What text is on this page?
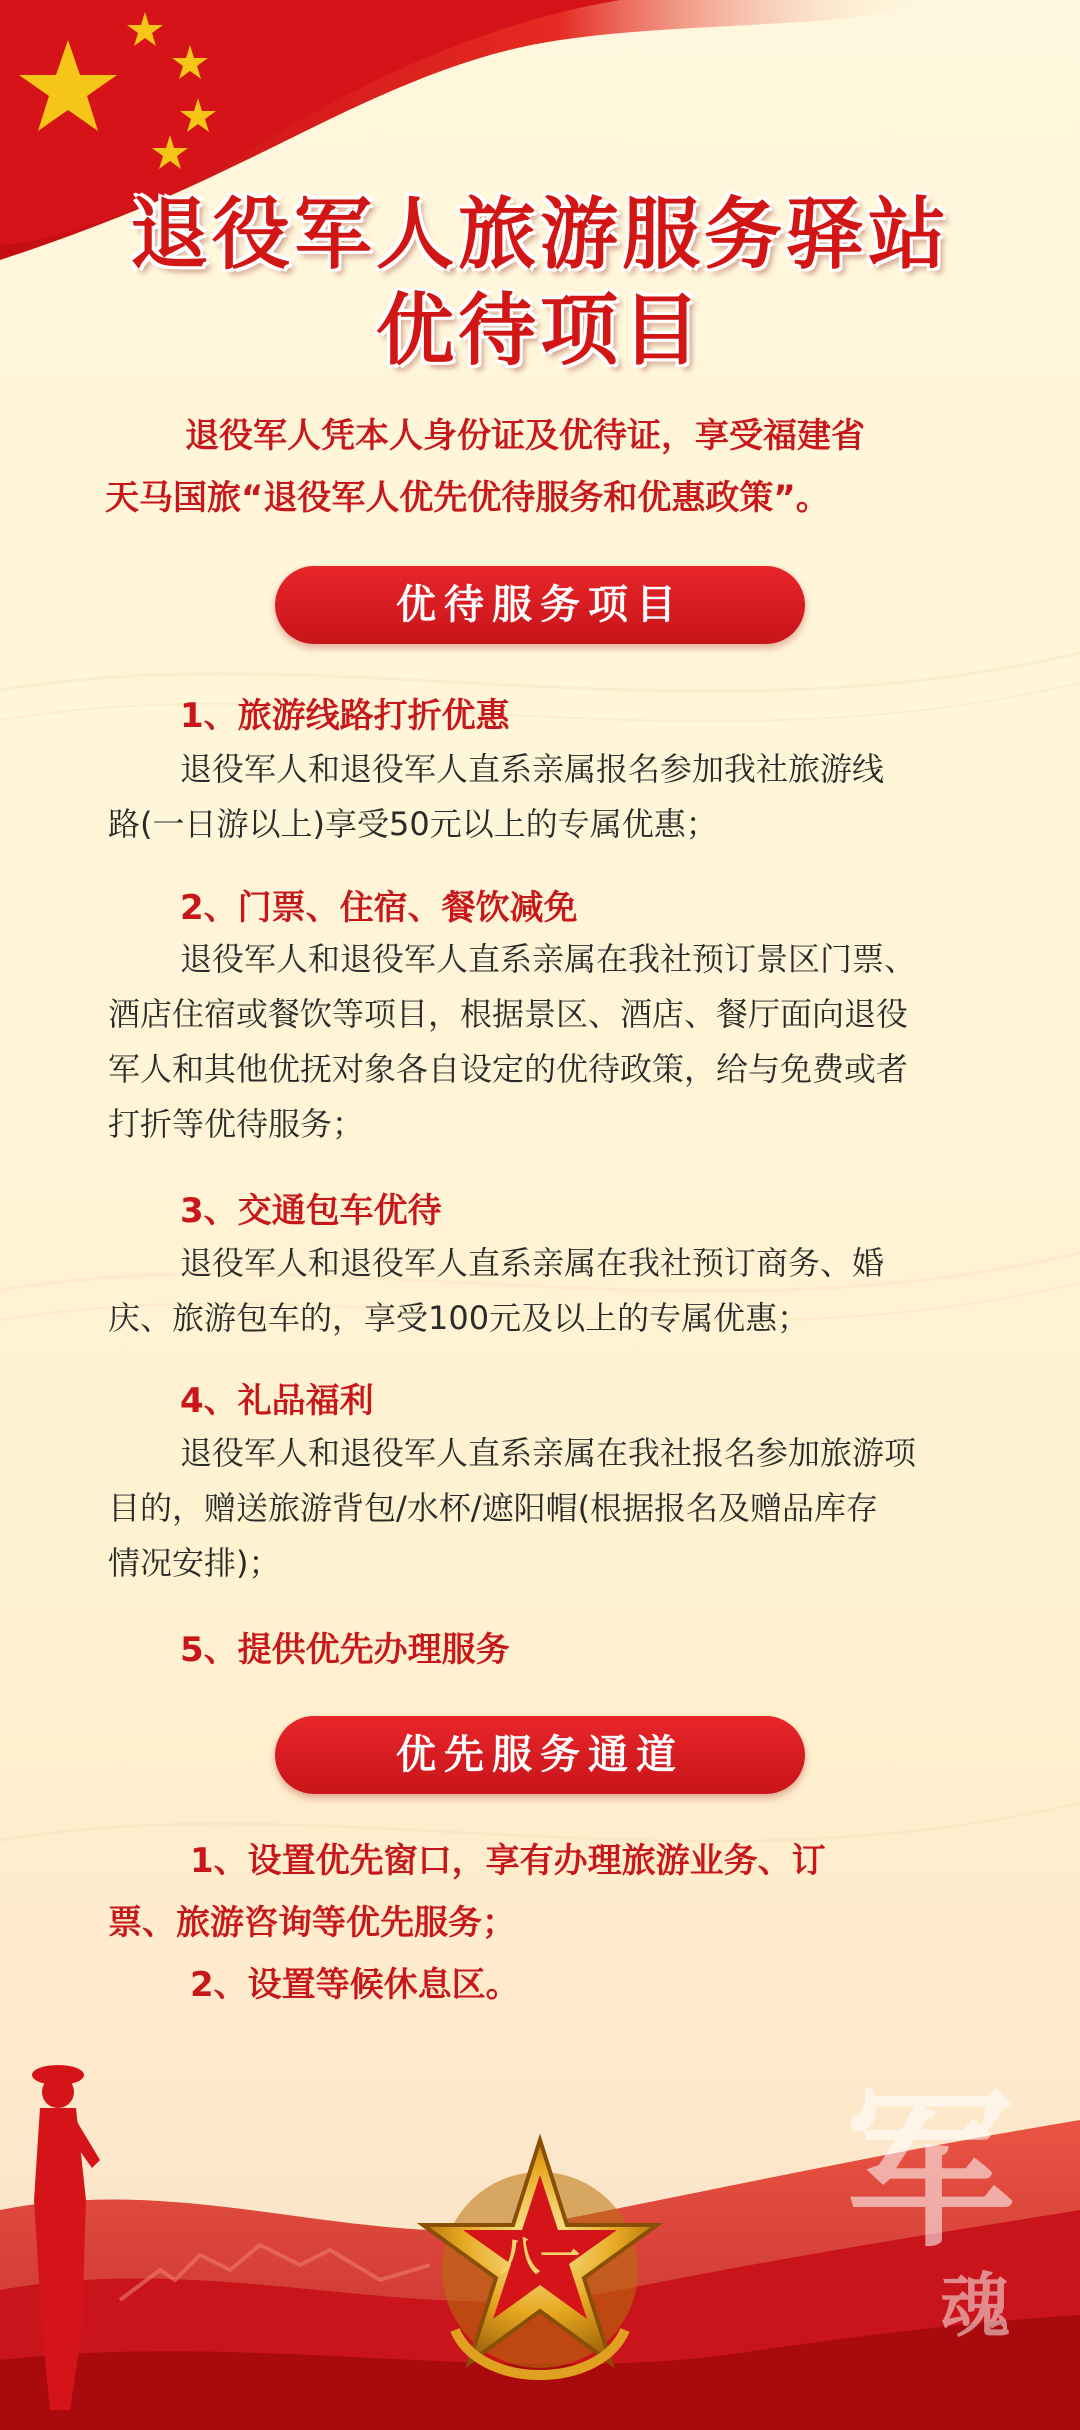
退役军人旅游服务驿站
优待项目

退役军人凭本人身份证及优待证，享受福建省

天马国旅“退役军人优先优待服务和优惠政策”。

优待服务项目
1、旅游线路打折优惠
退役军人和退役军人直系亲属报名参加我社旅游线
路(一日游以上)享受50元以上的专属优惠；
2、门票、住宿、餐饮减免
退役军人和退役军人直系亲属在我社预订景区门票、
酒店住宿或餐饮等项目，根据景区、酒店、餐厅面向退役
军人和其他优抚对象各自设定的优待政策，给与免费或者
打折等优待服务；
3、交通包车优待
退役军人和退役军人直系亲属在我社预订商务、婚
庆、旅游包车的，享受100元及以上的专属优惠；
4、礼品福利
退役军人和退役军人直系亲属在我社报名参加旅游项
目的，赠送旅游背包/水杯/遮阳帽(根据报名及赠品库存
情况安排)；
5、提供优先办理服务
优先服务通道
1、设置优先窗口，享有办理旅游业务、订
票、旅游咨询等优先服务；
2、设置等候休息区。
八一 军
魂
